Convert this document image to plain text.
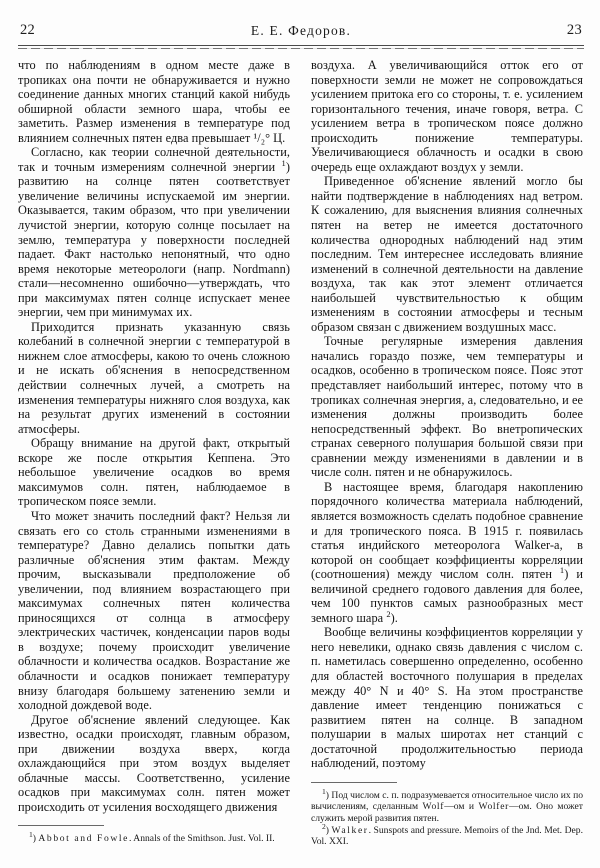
22	Е. Е. Федоров.	23

что по наблюдениям в одном месте даже в тропиках она почти не обнаруживается и нужно соединение данных многих станций какой нибудь обширной области земного шара, чтобы ее заметить. Размер изменения в температуре под влиянием солнечных пятен едва превышает ¹/₂° Ц.

Согласно, как теории солнечной деятельности, так и точным измерениям солнечной энергии $^1$) развитию на солнце пятен соответствует увеличение величины испускаемой им энергии. Оказывается, таким образом, что при увеличении лучистой энергии, которую солнце посылает на землю, температура у поверхности последней падает. Факт настолько непонятный, что одно время некоторые метеорологи (напр. Nordmann) стали—несомненно ошибочно—утверждать, что при максимумах пятен солнце испускает менее энергии, чем при минимумах их.

Приходится признать указанную связь колебаний в солнечной энергии с температурой в нижнем слое атмосферы, какою то очень сложною и не искать об'яснения в непосредственном действии солнечных лучей, а смотреть на изменения температуры нижняго слоя воздуха, как на результат других изменений в состоянии атмосферы.

Обращу внимание на другой факт, открытый вскоре же после открытия Кеппена. Это небольшое увеличение осадков во время максимумов солн. пятен, наблюдаемое в тропическом поясе земли.

Что может значить последний факт? Нельзя ли связать его со столь странными изменениями в температуре? Давно делались попытки дать различные об'яснения этим фактам. Между прочим, высказывали предположение об увеличении, под влиянием возрастающего при максимумах солнечных пятен количества приносящихся от солнца в атмосферу электрических частичек, конденсации паров воды в воздухе; почему происходит увеличение облачности и количества осадков. Возрастание же облачности и осадков понижает температуру внизу благодаря большему затенению земли и холодной дождевой воде.

Другое об'яснение явлений следующее. Как известно, осадки происходят, главным образом, при движении воздуха вверх, когда охлаждающийся при этом воздух выделяет облачные массы. Соответственно, усиление осадков при максимумах солн. пятен может происходить от усиления восходящего движения

$^1$) Abbot and Fowle. Annals of the Smithson. Just. Vol. II.

воздуха. А увеличивающийся отток его от поверхности земли не может не сопровождаться усилением притока его со стороны, т. е. усилением горизонтального течения, иначе говоря, ветра. С усилением ветра в тропическом поясе должно происходить понижение температуры. Увеличивающиеся облачность и осадки в свою очередь еще охлаждают воздух у земли.

Приведенное об'яснение явлений могло бы найти подтверждение в наблюдениях над ветром. К сожалению, для выяснения влияния солнечных пятен на ветер не имеется достаточного количества однородных наблюдений над этим последним. Тем интереснее исследовать влияние изменений в солнечной деятельности на давление воздуха, так как этот элемент отличается наибольшей чувствительностью к общим изменениям в состоянии атмосферы и тесным образом связан с движением воздушных масс.

Точные регулярные измерения давления начались гораздо позже, чем температуры и осадков, особенно в тропическом поясе. Пояс этот представляет наибольший интерес, потому что в тропиках солнечная энергия, а, следовательно, и ее изменения должны производить более непосредственный эффект. Во внетропических странах северного полушария большой связи при сравнении между изменениями в давлении и в числе солн. пятен и не обнаружилось.

В настоящее время, благодаря накоплению порядочного количества материала наблюдений, является возможность сделать подобное сравнение и для тропического пояса. В 1915 г. появилась статья индийского метеоролога Walker-a, в которой он сообщает коэффициенты корреляции (соотношения) между числом солн. пятен $^1$) и величиной среднего годового давления для более, чем 100 пунктов самых разнообразных мест земного шара $^2$).

Вообще величины коэффициентов корреляции у него невелики, однако связь давления с числом с. п. наметилась совершенно определенно, особенно для областей восточного полушария в пределах между 40° N и 40° S. На этом пространстве давление имеет тенденцию понижаться с развитием пятен на солнце. В западном полушарии в малых широтах нет станций с достаточной продолжительностью периода наблюдений, поэтому

$^1$) Под числом с. п. подразумевается относительное число их по вычислениям, сделанным Wolf—ом и Wolfer—ом. Оно может служить мерой развития пятен.

$^2$) Walker. Sunspots and pressure. Memoirs of the Jnd. Met. Dep. Vol. XXI.
